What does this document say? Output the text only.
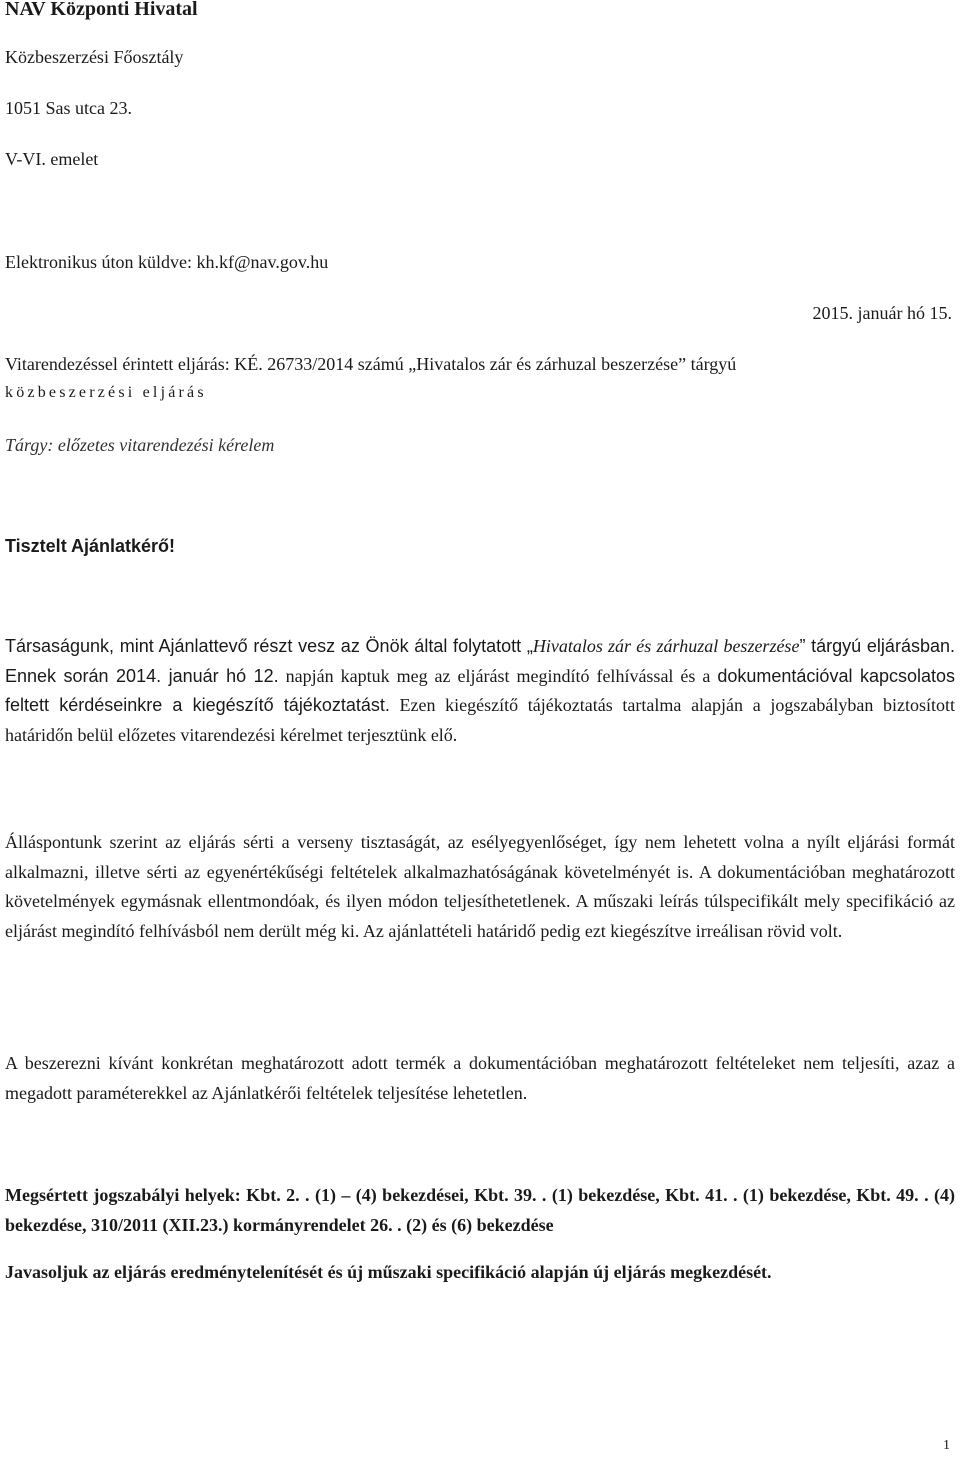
NAV Központi Hivatal

Közbeszerzési Főosztály

1051 Sas utca 23.

V-VI. emelet

Elektronikus úton küldve: kh.kf@nav.gov.hu

2015. január hó 15.

Vitarendezéssel érintett eljárás: KÉ. 26733/2014 számú „Hivatalos zár és zárhuzal beszerzése” tárgyú

közbeszerzési eljárás

Tárgy: előzetes vitarendezési kérelem

Tisztelt Ajánlatkérő!

Társaságunk, mint Ajánlattevő részt vesz az Önök által folytatott „Hivatalos zár és zárhuzal beszerzése” tárgyú eljárásban. Ennek során 2014. január hó 12. napján kaptuk meg az eljárást megindító felhívással és a dokumentációval kapcsolatos feltett kérdéseinkre a kiegészítő tájékoztatást. Ezen kiegészítő tájékoztatás tartalma alapján a jogszabályban biztosított határidőn belül előzetes vitarendezési kérelmet terjesztünk elő.

Álláspontunk szerint az eljárás sérti a verseny tisztaságát, az esélyegyenlőséget, így nem lehetett volna a nyílt eljárási formát alkalmazni, illetve sérti az egyenértékűségi feltételek alkalmazhatóságának követelményét is. A dokumentációban meghatározott követelmények egymásnak ellentmondóak, és ilyen módon teljesíthetetlenek. A műszaki leírás túlspecifikált mely specifikáció az eljárást megindító felhívásból nem derült még ki. Az ajánlattételi határidő pedig ezt kiegészítve irreálisan rövid volt.

A beszerezni kívánt konkrétan meghatározott adott termék a dokumentációban meghatározott feltételeket nem teljesíti, azaz a megadott paraméterekkel az Ajánlatkérői feltételek teljesítése lehetetlen.

Megsértett jogszabályi helyek: Kbt. 2. . (1) – (4) bekezdései, Kbt. 39. . (1) bekezdése, Kbt. 41. . (1) bekezdése, Kbt. 49. . (4) bekezdése, 310/2011 (XII.23.) kormányrendelet 26. . (2) és (6) bekezdése

Javasoljuk az eljárás eredménytelenítését és új műszaki specifikáció alapján új eljárás megkezdését.

1
